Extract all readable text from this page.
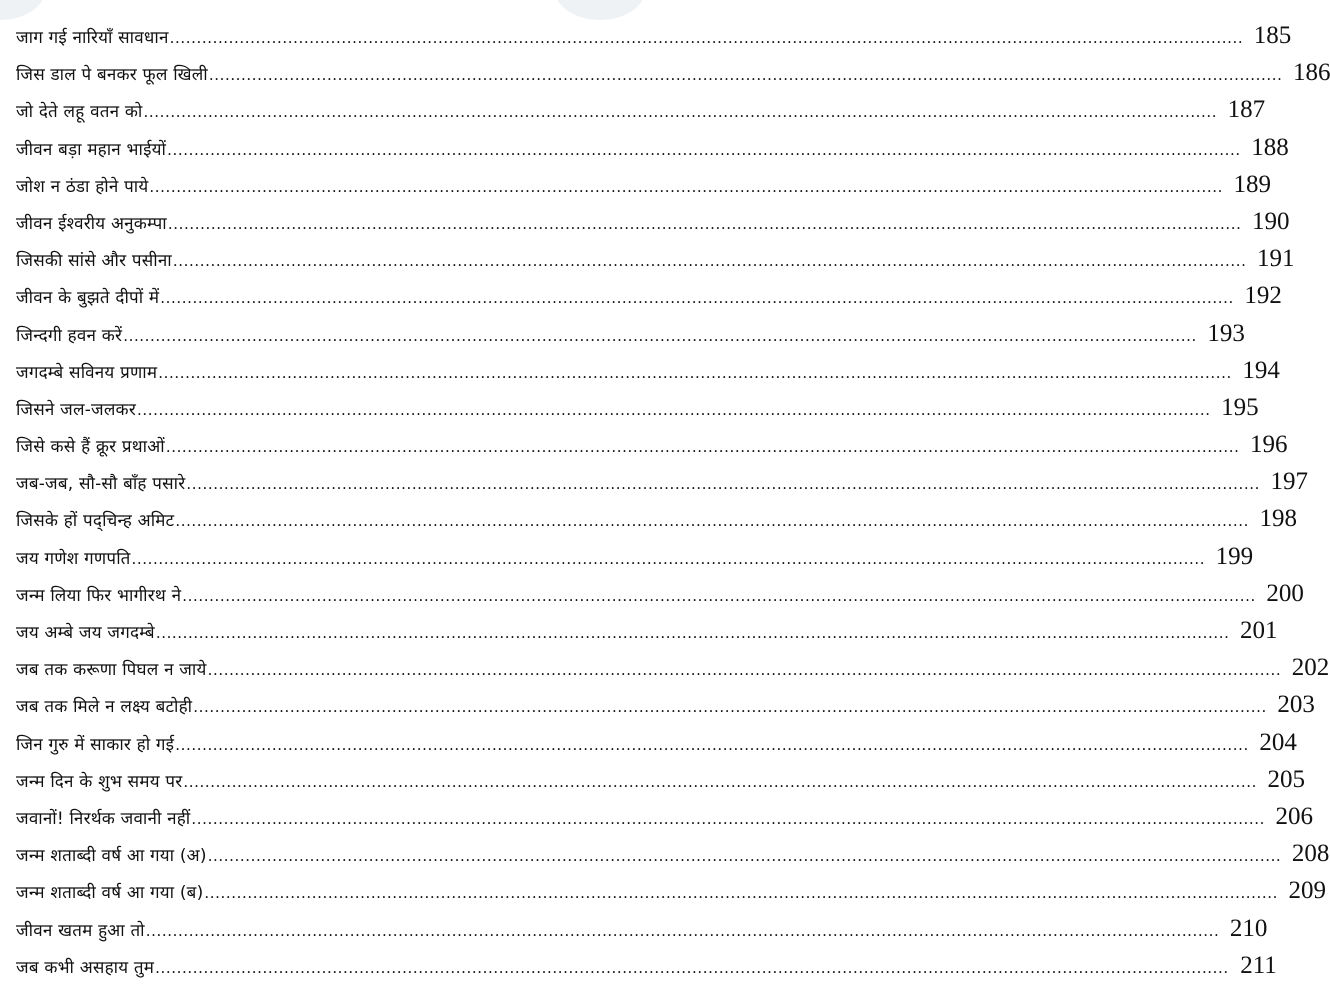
जाग गई नारियाँ सावधान ........................................................................................................................................................................................................ 185
जिस डाल पे बनकर फूल खिली ........................................................................................................................................................................................................ 186
जो देते लहू वतन को ........................................................................................................................................................................................................ 187
जीवन बड़ा महान भाईयों ........................................................................................................................................................................................................ 188
जोश न ठंडा होने पाये ........................................................................................................................................................................................................ 189
जीवन ईश्वरीय अनुकम्पा ........................................................................................................................................................................................................ 190
जिसकी सांसे और पसीना ........................................................................................................................................................................................................ 191
जीवन के बुझते दीपों में ........................................................................................................................................................................................................ 192
जिन्दगी हवन करें ........................................................................................................................................................................................................ 193
जगदम्बे सविनय प्रणाम ........................................................................................................................................................................................................ 194
जिसने जल-जलकर ........................................................................................................................................................................................................ 195
जिसे कसे हैं क्रूर प्रथाओं ........................................................................................................................................................................................................ 196
जब-जब, सौ-सौ बाँह पसारे ........................................................................................................................................................................................................ 197
जिसके हों पद्‌चिन्ह अमिट ........................................................................................................................................................................................................ 198
जय गणेश गणपति ........................................................................................................................................................................................................ 199
जन्म लिया फिर भागीरथ ने ........................................................................................................................................................................................................ 200
जय अम्बे जय जगदम्बे ........................................................................................................................................................................................................ 201
जब तक करूणा पिघल न जाये ........................................................................................................................................................................................................ 202
जब तक मिले न लक्ष्य बटोही ........................................................................................................................................................................................................ 203
जिन गुरु में साकार हो गई ........................................................................................................................................................................................................ 204
जन्म दिन के शुभ समय पर ........................................................................................................................................................................................................ 205
जवानों! निरर्थक जवानी नहीं ........................................................................................................................................................................................................ 206
जन्म शताब्दी वर्ष आ गया (अ) ........................................................................................................................................................................................................ 208
जन्म शताब्दी वर्ष आ गया (ब) ........................................................................................................................................................................................................ 209
जीवन खतम हुआ तो ........................................................................................................................................................................................................ 210
जब कभी असहाय तुम ........................................................................................................................................................................................................ 211
